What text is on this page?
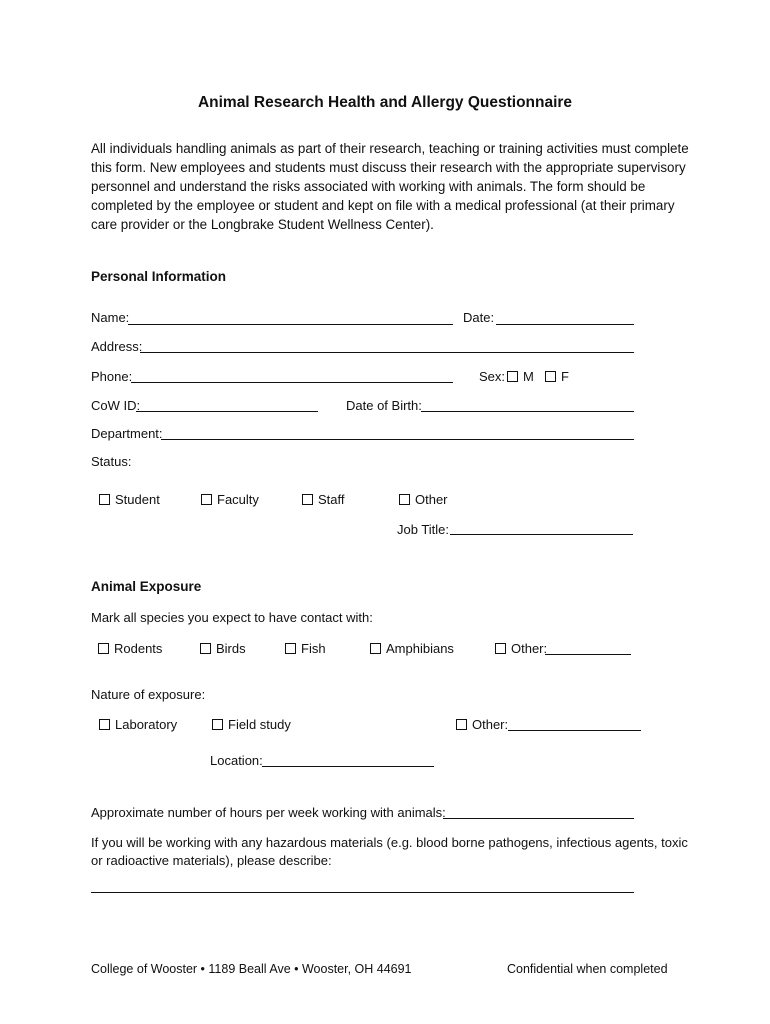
Animal Research Health and Allergy Questionnaire
All individuals handling animals as part of their research, teaching or training activities must complete this form. New employees and students must discuss their research with the appropriate supervisory personnel and understand the risks associated with working with animals. The form should be completed by the employee or student and kept on file with a medical professional (at their primary care provider or the Longbrake Student Wellness Center).
Personal Information
Name:	Date:
Address:
Phone:	Sex:	M	F
CoW ID:	Date of Birth:
Department:
Status:
Student	Faculty	Staff	Other
Job Title:
Animal Exposure
Mark all species you expect to have contact with:
Rodents	Birds	Fish	Amphibians	Other:
Nature of exposure:
Laboratory	Field study	Other:
Location:
Approximate number of hours per week working with animals:
If you will be working with any hazardous materials (e.g. blood borne pathogens, infectious agents, toxic or radioactive materials), please describe:
College of Wooster • 1189 Beall Ave • Wooster, OH 44691	Confidential when completed
